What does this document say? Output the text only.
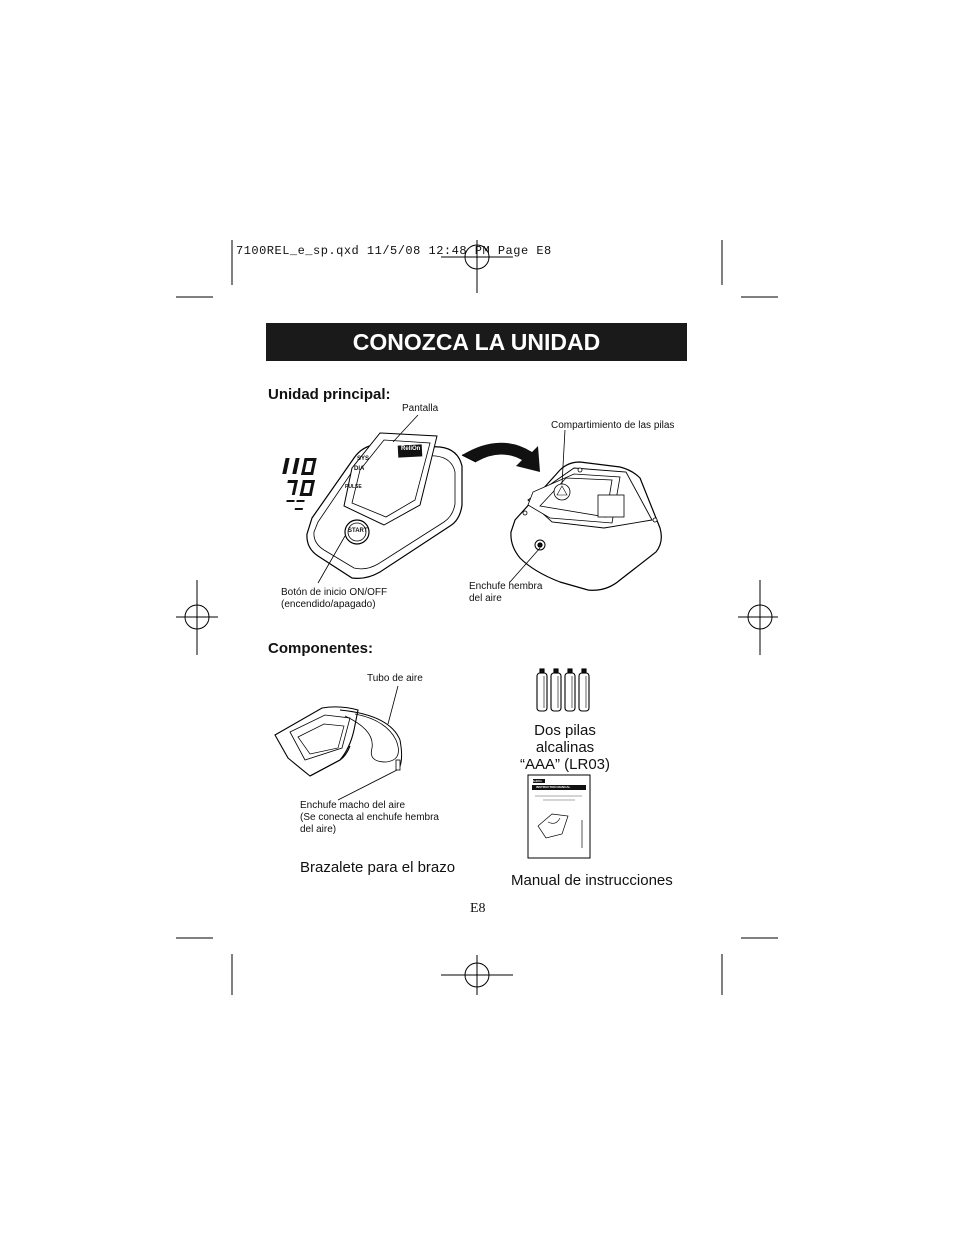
7100REL_e_sp.qxd 11/5/08 12:48 PM Page E8
CONOZCA LA UNIDAD
Unidad principal:
Pantalla
Compartimiento de las pilas
SYS
DIA
PULSE
ReliOn
START
Botón de inicio ON/OFF
(encendido/apagado)
Enchufe hembra
del aire
Componentes:
Tubo de aire
Dos pilas alcalinas
“AAA” (LR03)
ReliOn
INSTRUCTION MANUAL
Enchufe macho del aire
(Se conecta al enchufe hembra
del aire)
Brazalete para el brazo
Manual de instrucciones
E8
